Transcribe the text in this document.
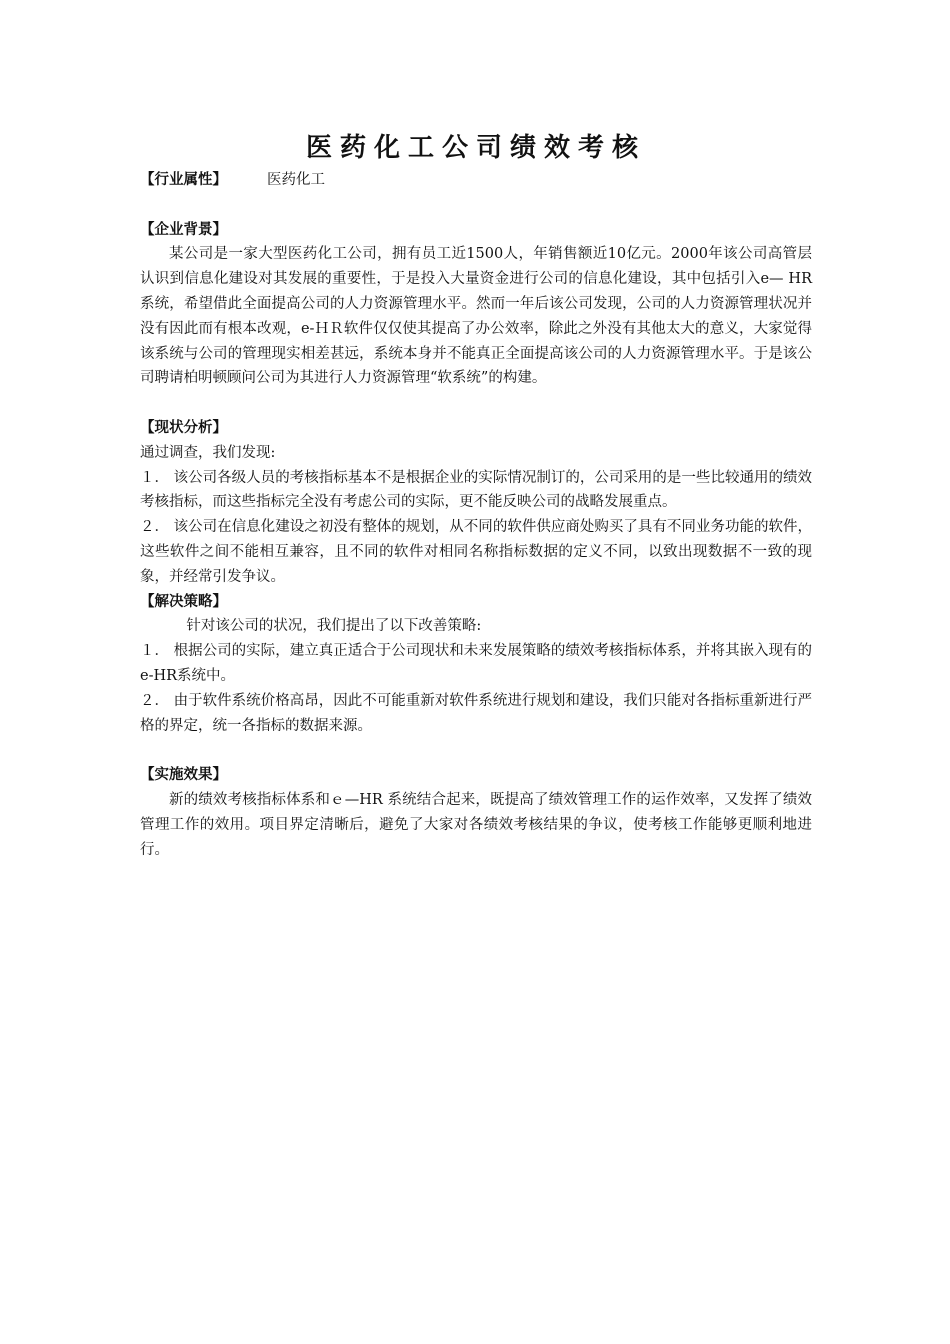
医药化工公司绩效考核
【行业属性】	医药化工
【企业背景】

某公司是一家大型医药化工公司，拥有员工近1500人，年销售额近10亿元。2000年该公司高管层认识到信息化建设对其发展的重要性，于是投入大量资金进行公司的信息化建设，其中包括引入e— HR 系统，希望借此全面提高公司的人力资源管理水平。然而一年后该公司发现，公司的人力资源管理状况并没有因此而有根本改观，e-ＨＲ软件仅仅使其提高了办公效率，除此之外没有其他太大的意义，大家觉得该系统与公司的管理现实相差甚远，系统本身并不能真正全面提高该公司的人力资源管理水平。于是该公司聘请柏明顿顾问公司为其进行人力资源管理“软系统”的构建。

【现状分析】
通过调查，我们发现:

１． 该公司各级人员的考核指标基本不是根据企业的实际情况制订的，公司采用的是一些比较通用的绩效考核指标，而这些指标完全没有考虑公司的实际，更不能反映公司的战略发展重点。

２． 该公司在信息化建设之初没有整体的规划，从不同的软件供应商处购买了具有不同业务功能的软件，这些软件之间不能相互兼容，且不同的软件对相同名称指标数据的定义不同，以致出现数据不一致的现象，并经常引发争议。

【解决策略】
针对该公司的状况，我们提出了以下改善策略:

１． 根据公司的实际，建立真正适合于公司现状和未来发展策略的绩效考核指标体系，并将其嵌入现有的e-HR系统中。

２． 由于软件系统价格高昂，因此不可能重新对软件系统进行规划和建设，我们只能对各指标重新进行严格的界定，统一各指标的数据来源。

【实施效果】

新的绩效考核指标体系和ｅ—HR 系统结合起来，既提高了绩效管理工作的运作效率，又发挥了绩效管理工作的效用。项目界定清晰后，避免了大家对各绩效考核结果的争议，使考核工作能够更顺利地进行。
